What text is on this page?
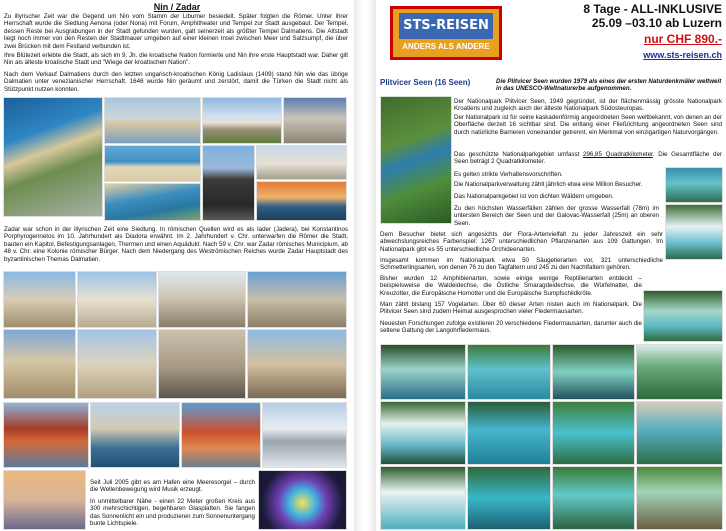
Nin / Zadar

Zu illyrischer Zeit war die Gegend um Nin vom Stamm der Liburner besiedelt. Später folgten die Römer. Unter ihrer Herrschaft wurde die Siedlung Aenona (oder Nona) mit Forum, Amphitheater und Tempel zur Stadt ausgebaut. Der Tempel, dessen Reste bei Ausgrabungen in der Stadt gefunden wurden, galt seinerzeit als größter Tempel Dalmatiens. Die Altstadt liegt noch immer von den Resten der Stadtmauer umgeben auf einer kleinen Insel zwischen Meer und Salzsumpf, die über zwei Brücken mit dem Festland verbunden ist.

Ihre Blütezeit erlebte die Stadt, als sich im 9. Jh. die kroatische Nation formierte und Nin ihre erste Hauptstadt war. Daher gilt Nin als älteste kroatische Stadt und "Wiege der kroatischen Nation".

Nach dem Verkauf Dalmatiens durch den letzten ungarisch-kroatischen König Ladislaus (1409) stand Nin wie das übrige Dalmatien unter venezianischer Herrschaft. 1646 wurde Nin geräumt und zerstört, damit die Türken die Stadt nicht als Stützpunkt nutzen konnten.

Zadar war schon in der illyrischen Zeit eine Siedlung. In römischen Quellen wird es als Iader (Jadera), bei Konstantinos Porphyrogennetos im 10. Jahrhundert als Diadora erwähnt. Im 2. Jahrhundert v. Chr. unterwarfen die Römer die Stadt, bauten ein Kapitol, Befestigungsanlagen, Thermen und einen Aquädukt. Nach 59 v. Chr. war Zadar römisches Municipium, ab 48 v. Chr. eine Kolonie römischer Bürger. Nach dem Niedergang des Weströmischen Reiches wurde Zadar Hauptstadt des byzantinischen Themas Dalmatien.

Seit Juli 2005 gibt es am Hafen eine Meeresorgel – durch die Wellenbewegung wird Musik erzeugt.

In unmittelbarer Nähe - einen 22 Meter großen Kreis aus 300 mehrschichtigen, begehbaren Glasplatten. Sie fangen das Sonnenlicht ein und produzieren zum Sonnenuntergang bunte Lichtspiele.

STS-REISEN
ANDERS ALS ANDERE
8 Tage - ALL-INKLUSIVE
25.09 –03.10 ab Luzern
nur CHF 890.-
www.sts-reisen.ch
Plitvicer Seen (16 Seen)	Die Plitvicer Seen wurden 1979 als eines der ersten Naturdenkmäler weltweit in das UNESCO-Weltnaturerbe aufgenommen.

Der Nationalpark Plitvicer Seen, 1949 gegründet, ist der flächenmässig grösste Nationalpark Kroatiens und zugleich auch der älteste Nationalpark Südosteuropas.

Der Nationalpark ist für seine kaskadenförmig angeordneten Seen weltbekannt, von denen an der Oberfläche derzeit 16 sichtbar sind. Die entlang einer Fließrichtung angeordneten Seen sind durch natürliche Barrieren voneinander getrennt, ein Merkmal von einzigartigen Naturvorgängen.

Das geschützte Nationalparkgebiet umfasst 296,85 Quadratkilometer. Die Gesamtfläche der Seen beträgt 2 Quadratkilometer.

Es gelten strikte Verhaltensvorschriften.

Die Nationalparkverwaltung zählt jährlich etwa eine Million Besucher.

Das Nationalparkgebiet ist von dichten Wäldern umgeben.

Zu den höchsten Wasserfällen zählen der grosse Wasserfall (78m) im untersten Bereich der Seen und der Galovac-Wasserfall (25m) an oberen Seen.

Dem Besucher bietet sich angesichts der Flora-Artenvielfalt zu jeder Jahreszeit ein sehr abwechslungsreiches Farbenspiel: 1267 unterschiedlichen Pflanzenarten aus 109 Gattungen. Im Nationalpark gibt es 55 unterschiedliche Orchideenarten.

Insgesamt kommen im Nationalpark etwa 50 Säugetierarten vor, 321 unterschiedliche Schmetterlingsarten, von denen 76 zu den Tagfaltern und 245 zu den Nachtfaltern gehören.

Bisher wurden 12 Amphibienarten, sowie einige wenige Reptilienarten entdeckt – beispielsweise die Waldeidechse, die Östliche Smaragdeidechse, die Würfelnatter, die Kreuzotter, die Europäische Hornotter und die Europäische Sumpfschildkröte.

Man zählt bislang 157 Vogelarten. Über 60 dieser Arten nisten auch im Nationalpark. Die Plitvicer Seen sind zudem Heimat ausgesprochen vieler Fledermausarten.

Neuesten Forschungen zufolge existieren 20 verschiedene Fledermausarten, darunter auch die seltene Gattung der Langohrfledermaus.
